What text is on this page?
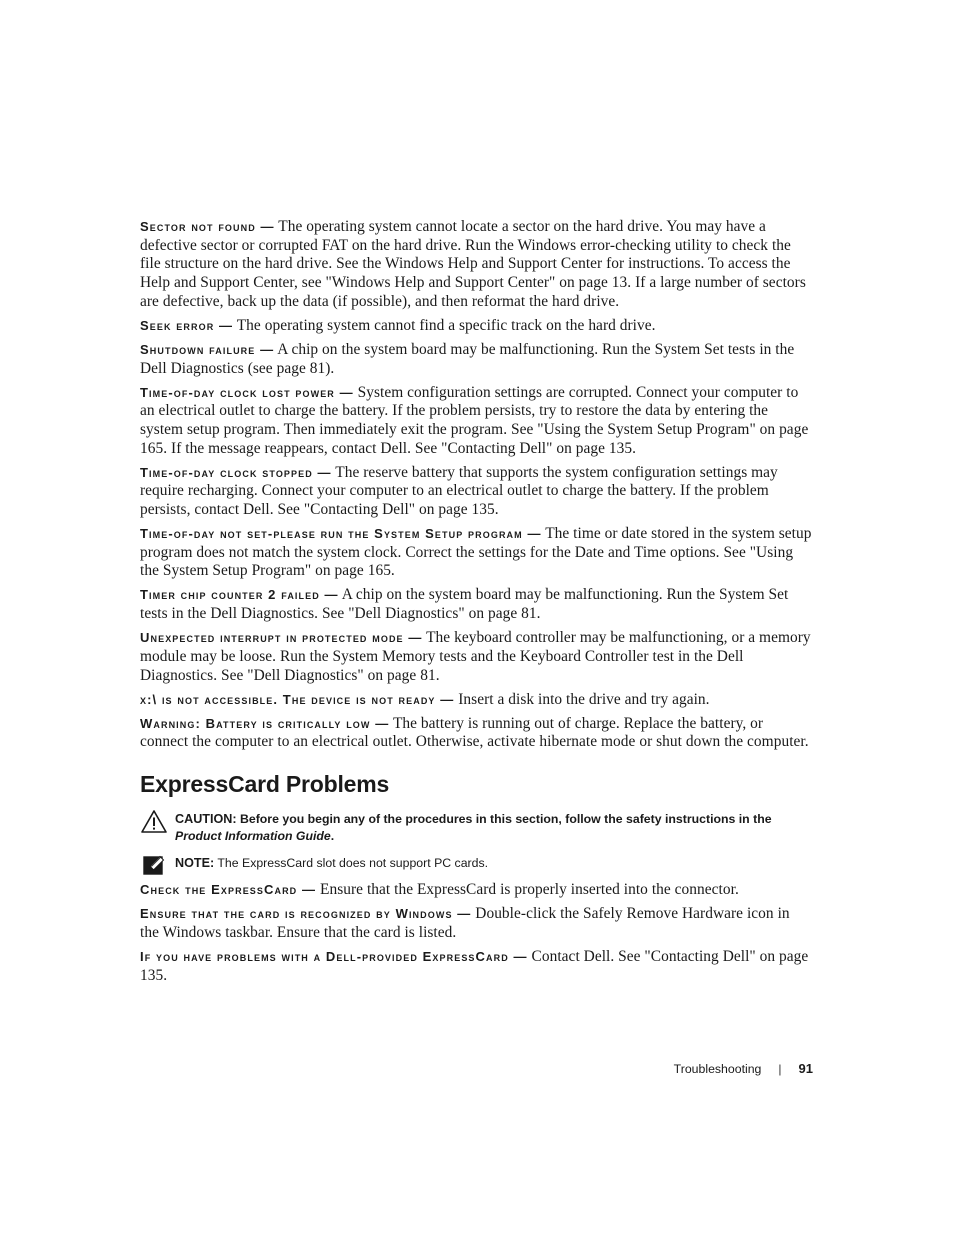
Sector not found — The operating system cannot locate a sector on the hard drive. You may have a defective sector or corrupted FAT on the hard drive. Run the Windows error-checking utility to check the file structure on the hard drive. See the Windows Help and Support Center for instructions. To access the Help and Support Center, see "Windows Help and Support Center" on page 13. If a large number of sectors are defective, back up the data (if possible), and then reformat the hard drive.

Seek error — The operating system cannot find a specific track on the hard drive.

Shutdown failure — A chip on the system board may be malfunctioning. Run the System Set tests in the Dell Diagnostics (see page 81).

Time-of-day clock lost power — System configuration settings are corrupted. Connect your computer to an electrical outlet to charge the battery. If the problem persists, try to restore the data by entering the system setup program. Then immediately exit the program. See "Using the System Setup Program" on page 165. If the message reappears, contact Dell. See "Contacting Dell" on page 135.

Time-of-day clock stopped — The reserve battery that supports the system configuration settings may require recharging. Connect your computer to an electrical outlet to charge the battery. If the problem persists, contact Dell. See "Contacting Dell" on page 135.

Time-of-day not set-please run the System Setup program — The time or date stored in the system setup program does not match the system clock. Correct the settings for the Date and Time options. See "Using the System Setup Program" on page 165.

Timer chip counter 2 failed — A chip on the system board may be malfunctioning. Run the System Set tests in the Dell Diagnostics. See "Dell Diagnostics" on page 81.

Unexpected interrupt in protected mode — The keyboard controller may be malfunctioning, or a memory module may be loose. Run the System Memory tests and the Keyboard Controller test in the Dell Diagnostics. See "Dell Diagnostics" on page 81.

x:\ is not accessible. The device is not ready — Insert a disk into the drive and try again.

Warning: Battery is critically low — The battery is running out of charge. Replace the battery, or connect the computer to an electrical outlet. Otherwise, activate hibernate mode or shut down the computer.

ExpressCard Problems
CAUTION: Before you begin any of the procedures in this section, follow the safety instructions in the Product Information Guide.
NOTE: The ExpressCard slot does not support PC cards.

Check the ExpressCard — Ensure that the ExpressCard is properly inserted into the connector.

Ensure that the card is recognized by Windows — Double-click the Safely Remove Hardware icon in the Windows taskbar. Ensure that the card is listed.

If you have problems with a Dell-provided ExpressCard — Contact Dell. See "Contacting Dell" on page 135.

Troubleshooting | 91
